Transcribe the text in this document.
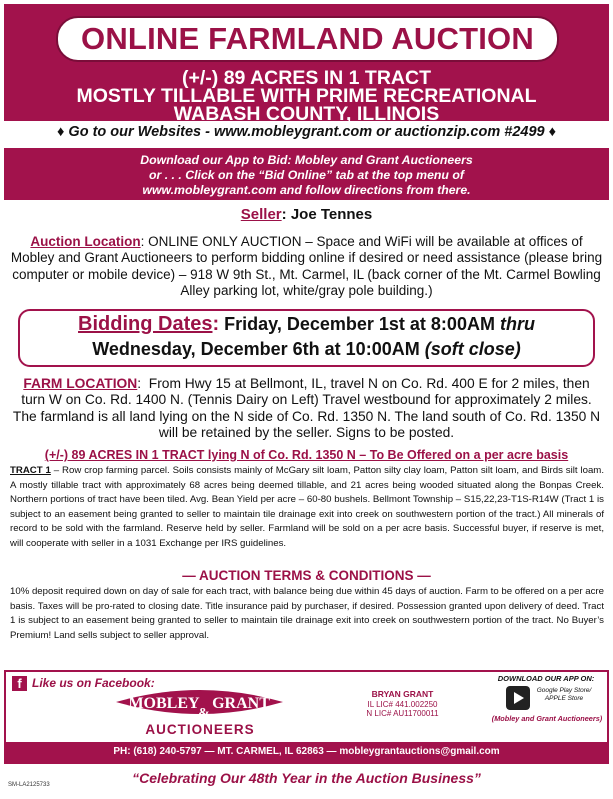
ONLINE FARMLAND AUCTION
(+/-) 89 ACRES IN 1 TRACT
MOSTLY TILLABLE WITH PRIME RECREATIONAL
WABASH COUNTY, ILLINOIS
♦ Go to our Websites - www.mobleygrant.com or auctionzip.com #2499 ♦
Download our App to Bid: Mobley and Grant Auctioneers
or . . . Click on the “Bid Online” tab at the top menu of
www.mobleygrant.com and follow directions from there.
Seller: Joe Tennes
Auction Location: ONLINE ONLY AUCTION – Space and WiFi will be available at offices of Mobley and Grant Auctioneers to perform bidding online if desired or need assistance (please bring computer or mobile device) – 918 W 9th St., Mt. Carmel, IL (back corner of the Mt. Carmel Bowling Alley parking lot, white/gray pole building.)
Bidding Dates: Friday, December 1st at 8:00AM thru
Wednesday, December 6th at 10:00AM (soft close)
FARM LOCATION:  From Hwy 15 at Bellmont, IL, travel N on Co. Rd. 400 E for 2 miles, then turn W on Co. Rd. 1400 N. (Tennis Dairy on Left) Travel westbound for approximately 2 miles. The farmland is all land lying on the N side of Co. Rd. 1350 N. The land south of Co. Rd. 1350 N will be retained by the seller. Signs to be posted.
(+/-) 89 ACRES IN 1 TRACT lying N of Co. Rd. 1350 N – To Be Offered on a per acre basis
TRACT 1 – Row crop farming parcel. Soils consists mainly of McGary silt loam, Patton silty clay loam, Patton silt loam, and Birds silt loam. A mostly tillable tract with approximately 68 acres being deemed tillable, and 21 acres being wooded situated along the Bonpas Creek. Northern portions of tract have been tiled. Avg. Bean Yield per acre – 60-80 bushels. Bellmont Township – S15,22,23-T1S-R14W (Tract 1 is subject to an easement being granted to seller to maintain tile drainage exit into creek on southwestern portion of the tract.) All minerals of record to be sold with the farmland. Reserve held by seller. Farmland will be sold on a per acre basis. Successful buyer, if reserve is met, will cooperate with seller in a 1031 Exchange per IRS guidelines.
— AUCTION TERMS & CONDITIONS —
10% deposit required down on day of sale for each tract, with balance being due within 45 days of auction. Farm to be offered on a per acre basis. Taxes will be pro-rated to closing date. Title insurance paid by purchaser, if desired. Possession granted upon delivery of deed. Tract 1 is subject to an easement being granted to seller to maintain tile drainage exit into creek on southwestern portion of the tract. No Buyer’s Premium! Land sells subject to seller approval.
f Like us on Facebook:
MOBLEY
&
GRANT
AUCTIONEERS
BRYAN GRANT
IL LIC# 441.002250
N LIC# AU11700011
DOWNLOAD OUR APP ON:
Google Play Store/ APPLE Store
(Mobley and Grant Auctioneers)
PH: (618) 240-5797 — MT. CARMEL, IL 62863 — mobleygrantauctions@gmail.com
“Celebrating Our 48th Year in the Auction Business”
SM-LA2125733
